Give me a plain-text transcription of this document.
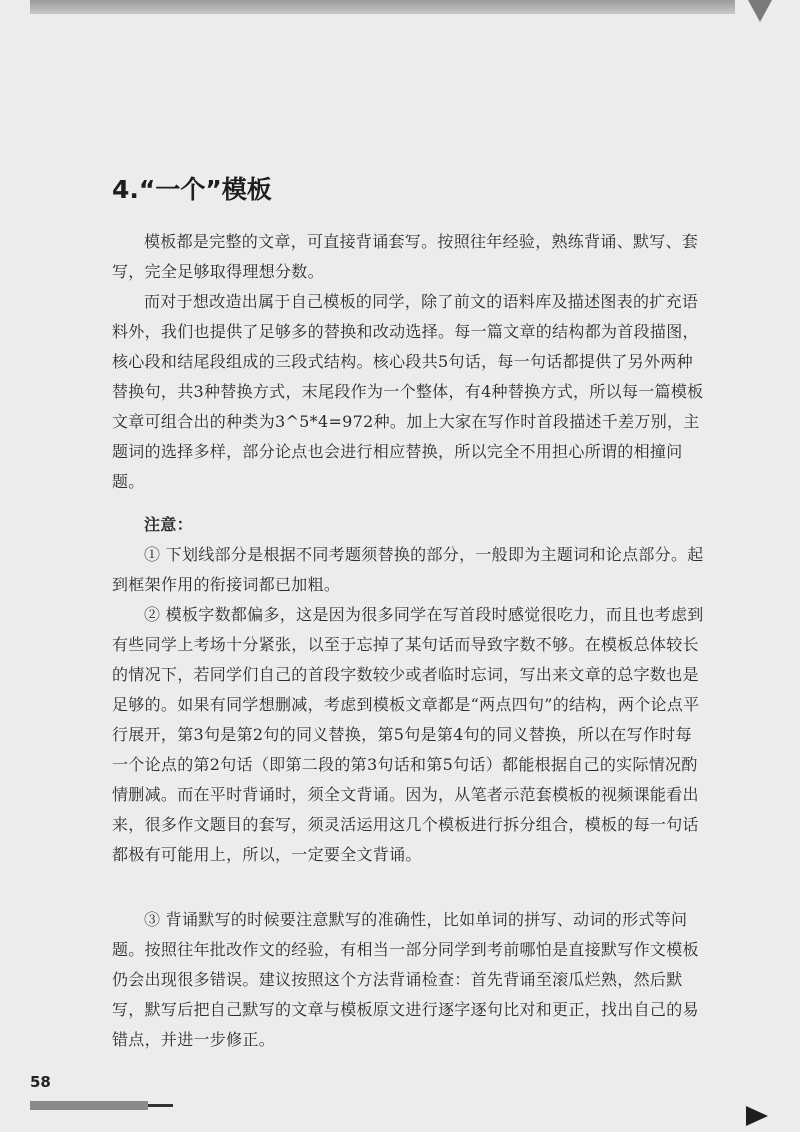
4.“一个”模板

模板都是完整的文章，可直接背诵套写。按照往年经验，熟练背诵、默写、套写，完全足够取得理想分数。

而对于想改造出属于自己模板的同学，除了前文的语料库及描述图表的扩充语料外，我们也提供了足够多的替换和改动选择。每一篇文章的结构都为首段描图，核心段和结尾段组成的三段式结构。核心段共5句话，每一句话都提供了另外两种替换句，共3种替换方式，末尾段作为一个整体，有4种替换方式，所以每一篇模板文章可组合出的种类为3^5*4=972种。加上大家在写作时首段描述千差万别，主题词的选择多样，部分论点也会进行相应替换，所以完全不用担心所谓的相撞问题。

注意：

① 下划线部分是根据不同考题须替换的部分，一般即为主题词和论点部分。起到框架作用的衔接词都已加粗。

② 模板字数都偏多，这是因为很多同学在写首段时感觉很吃力，而且也考虑到有些同学上考场十分紧张，以至于忘掉了某句话而导致字数不够。在模板总体较长的情况下，若同学们自己的首段字数较少或者临时忘词，写出来文章的总字数也是足够的。如果有同学想删减，考虑到模板文章都是“两点四句”的结构，两个论点平行展开，第3句是第2句的同义替换，第5句是第4句的同义替换，所以在写作时每一个论点的第2句话（即第二段的第3句话和第5句话）都能根据自己的实际情况酌情删减。而在平时背诵时，须全文背诵。因为，从笔者示范套模板的视频课能看出来，很多作文题目的套写，须灵活运用这几个模板进行拆分组合，模板的每一句话都极有可能用上，所以，一定要全文背诵。

③ 背诵默写的时候要注意默写的准确性，比如单词的拼写、动词的形式等问题。按照往年批改作文的经验，有相当一部分同学到考前哪怕是直接默写作文模板仍会出现很多错误。建议按照这个方法背诵检查：首先背诵至滚瓜烂熟，然后默写，默写后把自己默写的文章与模板原文进行逐字逐句比对和更正，找出自己的易错点，并进一步修正。

58
